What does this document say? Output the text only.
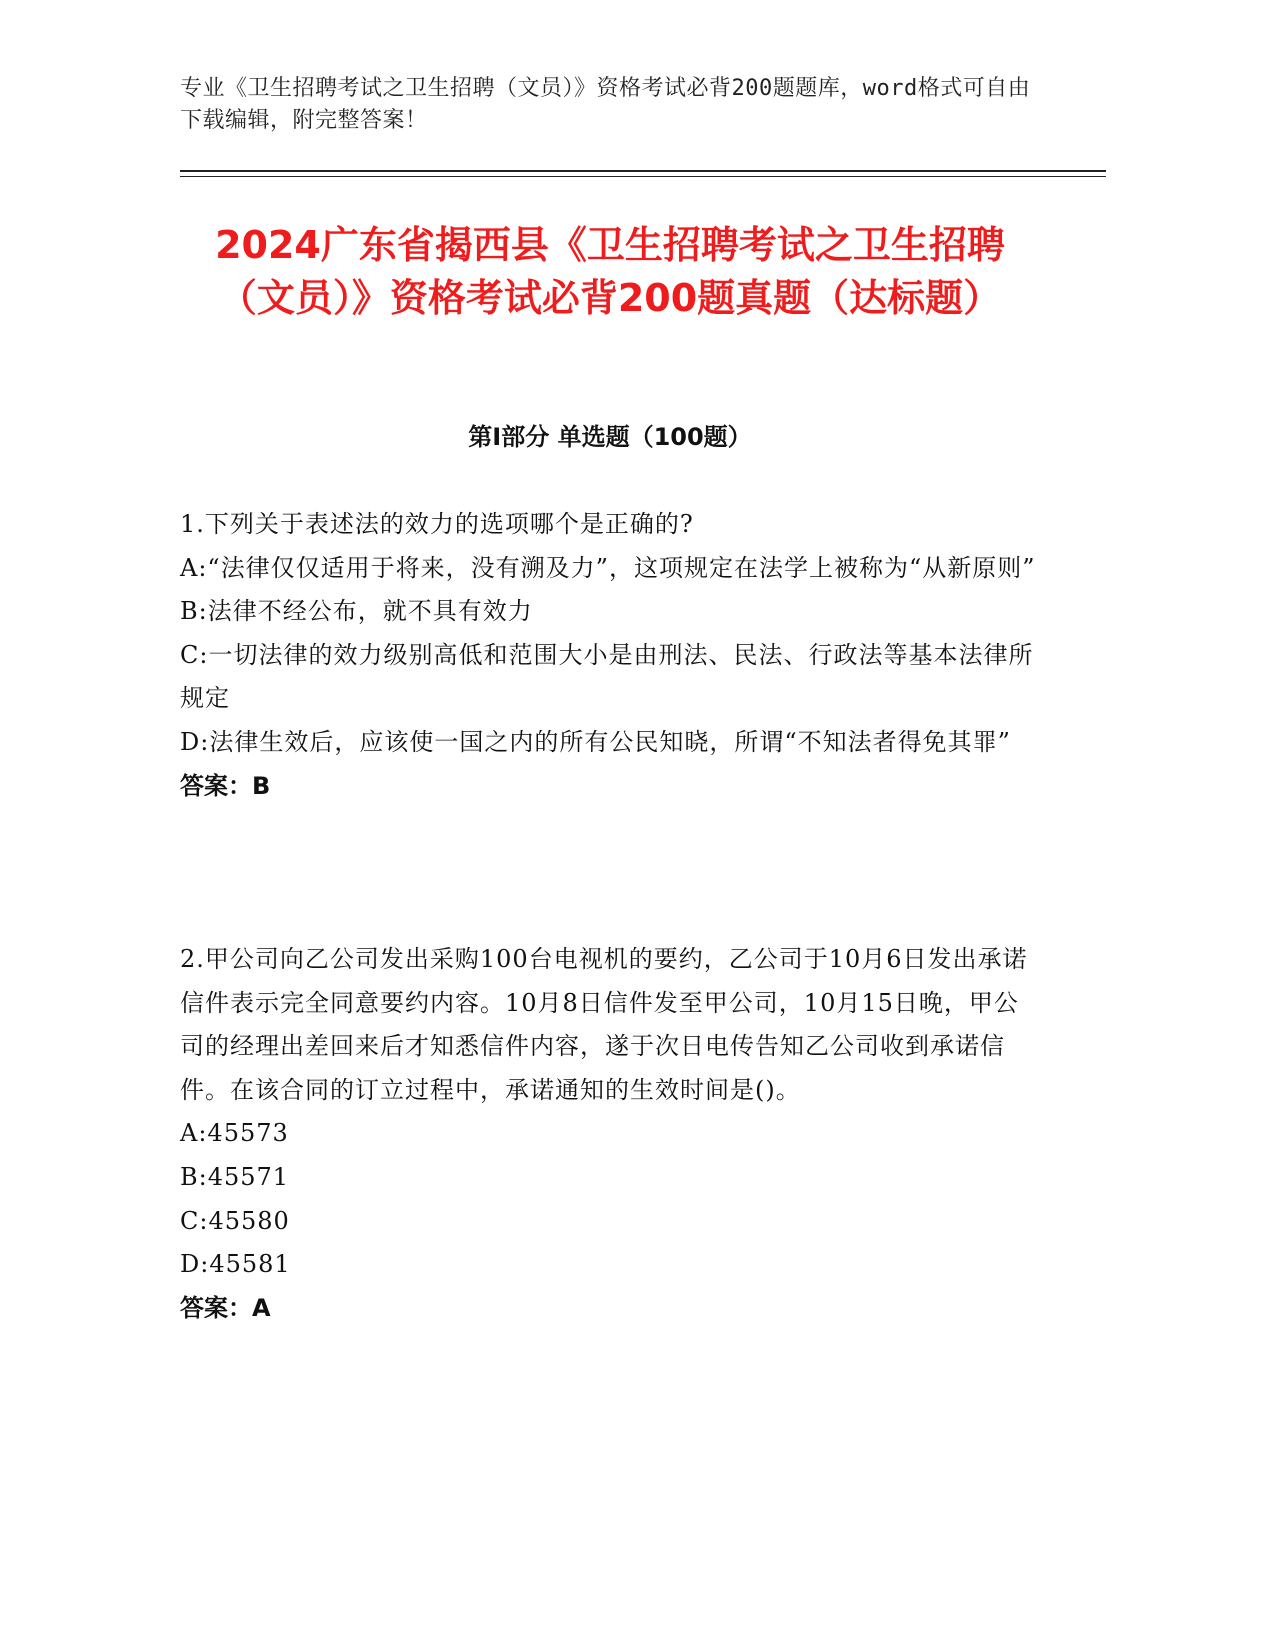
专业《卫生招聘考试之卫生招聘（文员）》资格考试必背200题题库，word格式可自由下载编辑，附完整答案！
2024广东省揭西县《卫生招聘考试之卫生招聘（文员）》资格考试必背200题真题（达标题）
第I部分 单选题（100题）
1.下列关于表述法的效力的选项哪个是正确的?
A:“法律仅仅适用于将来，没有溯及力”，这项规定在法学上被称为“从新原则”
B:法律不经公布，就不具有效力
C:一切法律的效力级别高低和范围大小是由刑法、民法、行政法等基本法律所规定
D:法律生效后，应该使一国之内的所有公民知晓，所谓“不知法者得免其罪”
答案：B
2.甲公司向乙公司发出采购100台电视机的要约，乙公司于10月6日发出承诺信件表示完全同意要约内容。10月8日信件发至甲公司，10月15日晚，甲公司的经理出差回来后才知悉信件内容，遂于次日电传告知乙公司收到承诺信件。在该合同的订立过程中，承诺通知的生效时间是()。
A:45573
B:45571
C:45580
D:45581
答案：A
